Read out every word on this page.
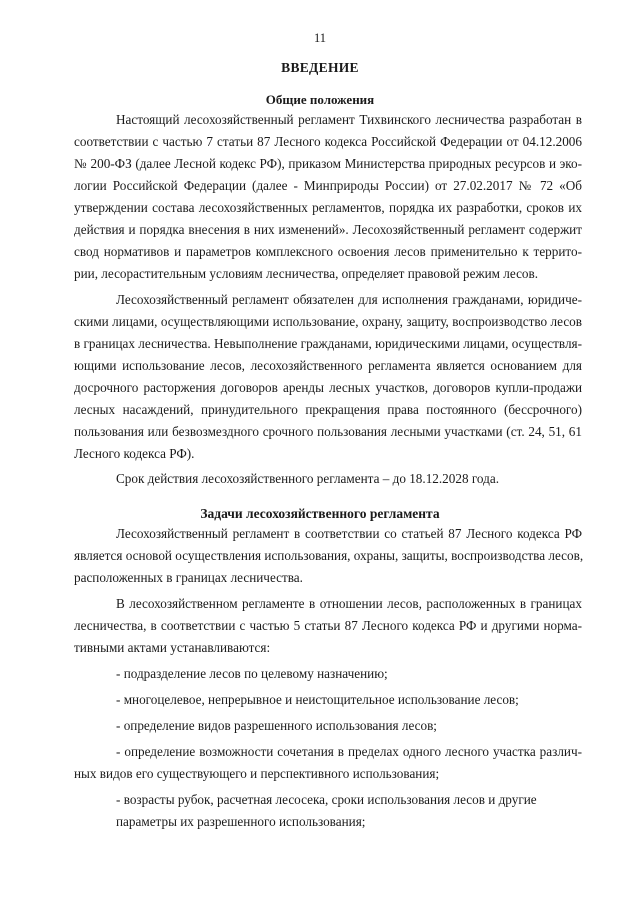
11
ВВЕДЕНИЕ
Общие положения
Настоящий лесохозяйственный регламент Тихвинского лесничества разработан в
соответствии с частью 7 статьи 87 Лесного кодекса Российской Федерации от 04.12.2006
№ 200-ФЗ (далее Лесной кодекс РФ), приказом Министерства природных ресурсов и эко-
логии Российской Федерации (далее - Минприроды России) от 27.02.2017 № 72 «Об
утверждении состава лесохозяйственных регламентов, порядка их разработки, сроков их
действия и порядка внесения в них изменений». Лесохозяйственный регламент содержит
свод нормативов и параметров комплексного освоения лесов применительно к террито-
рии, лесорастительным условиям лесничества, определяет правовой режим лесов.
Лесохозяйственный регламент обязателен для исполнения гражданами, юридиче-
скими лицами, осуществляющими использование, охрану, защиту, воспроизводство лесов
в границах лесничества. Невыполнение гражданами, юридическими лицами, осуществля-
ющими использование лесов, лесохозяйственного регламента является основанием для
досрочного расторжения договоров аренды лесных участков, договоров купли-продажи
лесных насаждений, принудительного прекращения права постоянного (бессрочного)
пользования или безвозмездного срочного пользования лесными участками (ст. 24, 51, 61
Лесного кодекса РФ).
Срок действия лесохозяйственного регламента – до 18.12.2028 года.
Задачи лесохозяйственного регламента
Лесохозяйственный регламент в соответствии со статьей 87 Лесного кодекса РФ
является основой осуществления использования, охраны, защиты, воспроизводства лесов,
расположенных в границах лесничества.
В лесохозяйственном регламенте в отношении лесов, расположенных в границах
лесничества, в соответствии с частью 5 статьи 87 Лесного кодекса РФ и другими норма-
тивными актами устанавливаются:
- подразделение лесов по целевому назначению;
- многоцелевое, непрерывное и неистощительное использование лесов;
- определение видов разрешенного использования лесов;
- определение возможности сочетания в пределах одного лесного участка различ-
ных видов его существующего и перспективного использования;
- возрасты рубок, расчетная лесосека, сроки использования лесов и другие
параметры их разрешенного использования;
